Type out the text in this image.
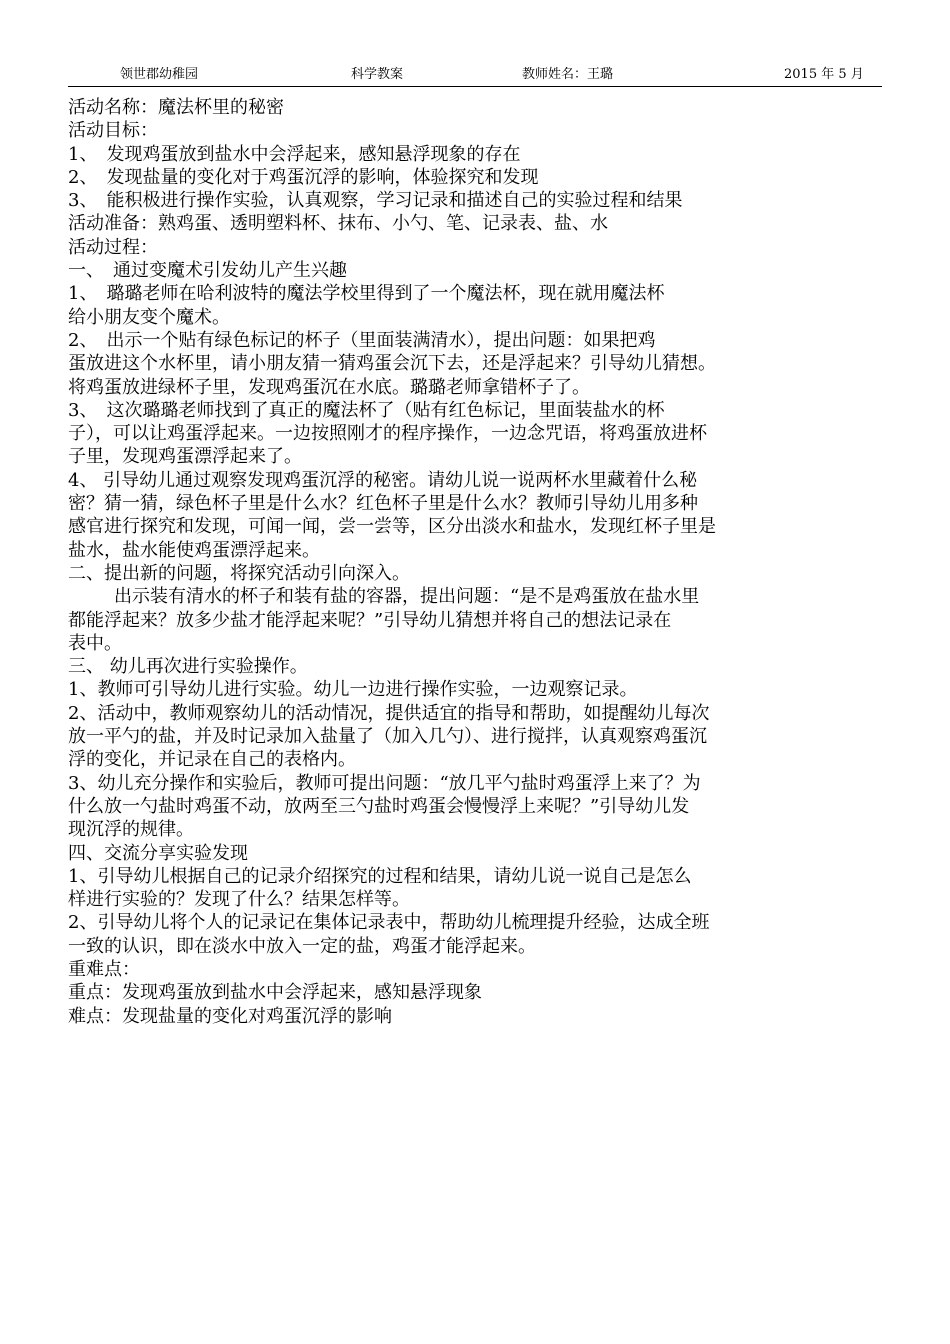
领世郡幼稚园	科学教案	教师姓名：王璐	2015 年 5 月
活动名称：魔法杯里的秘密
活动目标：
1、　发现鸡蛋放到盐水中会浮起来，感知悬浮现象的存在
2、　发现盐量的变化对于鸡蛋沉浮的影响，体验探究和发现
3、　能积极进行操作实验，认真观察，学习记录和描述自己的实验过程和结果
活动准备：熟鸡蛋、透明塑料杯、抹布、小勺、笔、记录表、盐、水
活动过程：
一、　通过变魔术引发幼儿产生兴趣
1、　璐璐老师在哈利波特的魔法学校里得到了一个魔法杯，现在就用魔法杯
给小朋友变个魔术。
2、　出示一个贴有绿色标记的杯子（里面装满清水），提出问题：如果把鸡
蛋放进这个水杯里，请小朋友猜一猜鸡蛋会沉下去，还是浮起来？引导幼儿猜想。
将鸡蛋放进绿杯子里，发现鸡蛋沉在水底。璐璐老师拿错杯子了。
3、　这次璐璐老师找到了真正的魔法杯了（贴有红色标记，里面装盐水的杯
子），可以让鸡蛋浮起来。一边按照刚才的程序操作，一边念咒语，将鸡蛋放进杯
子里，发现鸡蛋漂浮起来了。
4、 引导幼儿通过观察发现鸡蛋沉浮的秘密。请幼儿说一说两杯水里藏着什么秘
密？猜一猜，绿色杯子里是什么水？红色杯子里是什么水？教师引导幼儿用多种
感官进行探究和发现，可闻一闻，尝一尝等，区分出淡水和盐水，发现红杯子里是
盐水，盐水能使鸡蛋漂浮起来。
二、提出新的问题，将探究活动引向深入。
出示装有清水的杯子和装有盐的容器，提出问题：“是不是鸡蛋放在盐水里
都能浮起来？放多少盐才能浮起来呢？”引导幼儿猜想并将自己的想法记录在
表中。
三、 幼儿再次进行实验操作。
1、教师可引导幼儿进行实验。幼儿一边进行操作实验，一边观察记录。
2、活动中，教师观察幼儿的活动情况，提供适宜的指导和帮助，如提醒幼儿每次
放一平勺的盐，并及时记录加入盐量了（加入几勺）、进行搅拌，认真观察鸡蛋沉
浮的变化，并记录在自己的表格内。
3、幼儿充分操作和实验后，教师可提出问题：“放几平勺盐时鸡蛋浮上来了？为
什么放一勺盐时鸡蛋不动，放两至三勺盐时鸡蛋会慢慢浮上来呢？”引导幼儿发
现沉浮的规律。
四、交流分享实验发现
1、引导幼儿根据自己的记录介绍探究的过程和结果，请幼儿说一说自己是怎么
样进行实验的？发现了什么？结果怎样等。
2、引导幼儿将个人的记录记在集体记录表中，帮助幼儿梳理提升经验，达成全班
一致的认识，即在淡水中放入一定的盐，鸡蛋才能浮起来。
重难点：
重点：发现鸡蛋放到盐水中会浮起来，感知悬浮现象
难点：发现盐量的变化对鸡蛋沉浮的影响
